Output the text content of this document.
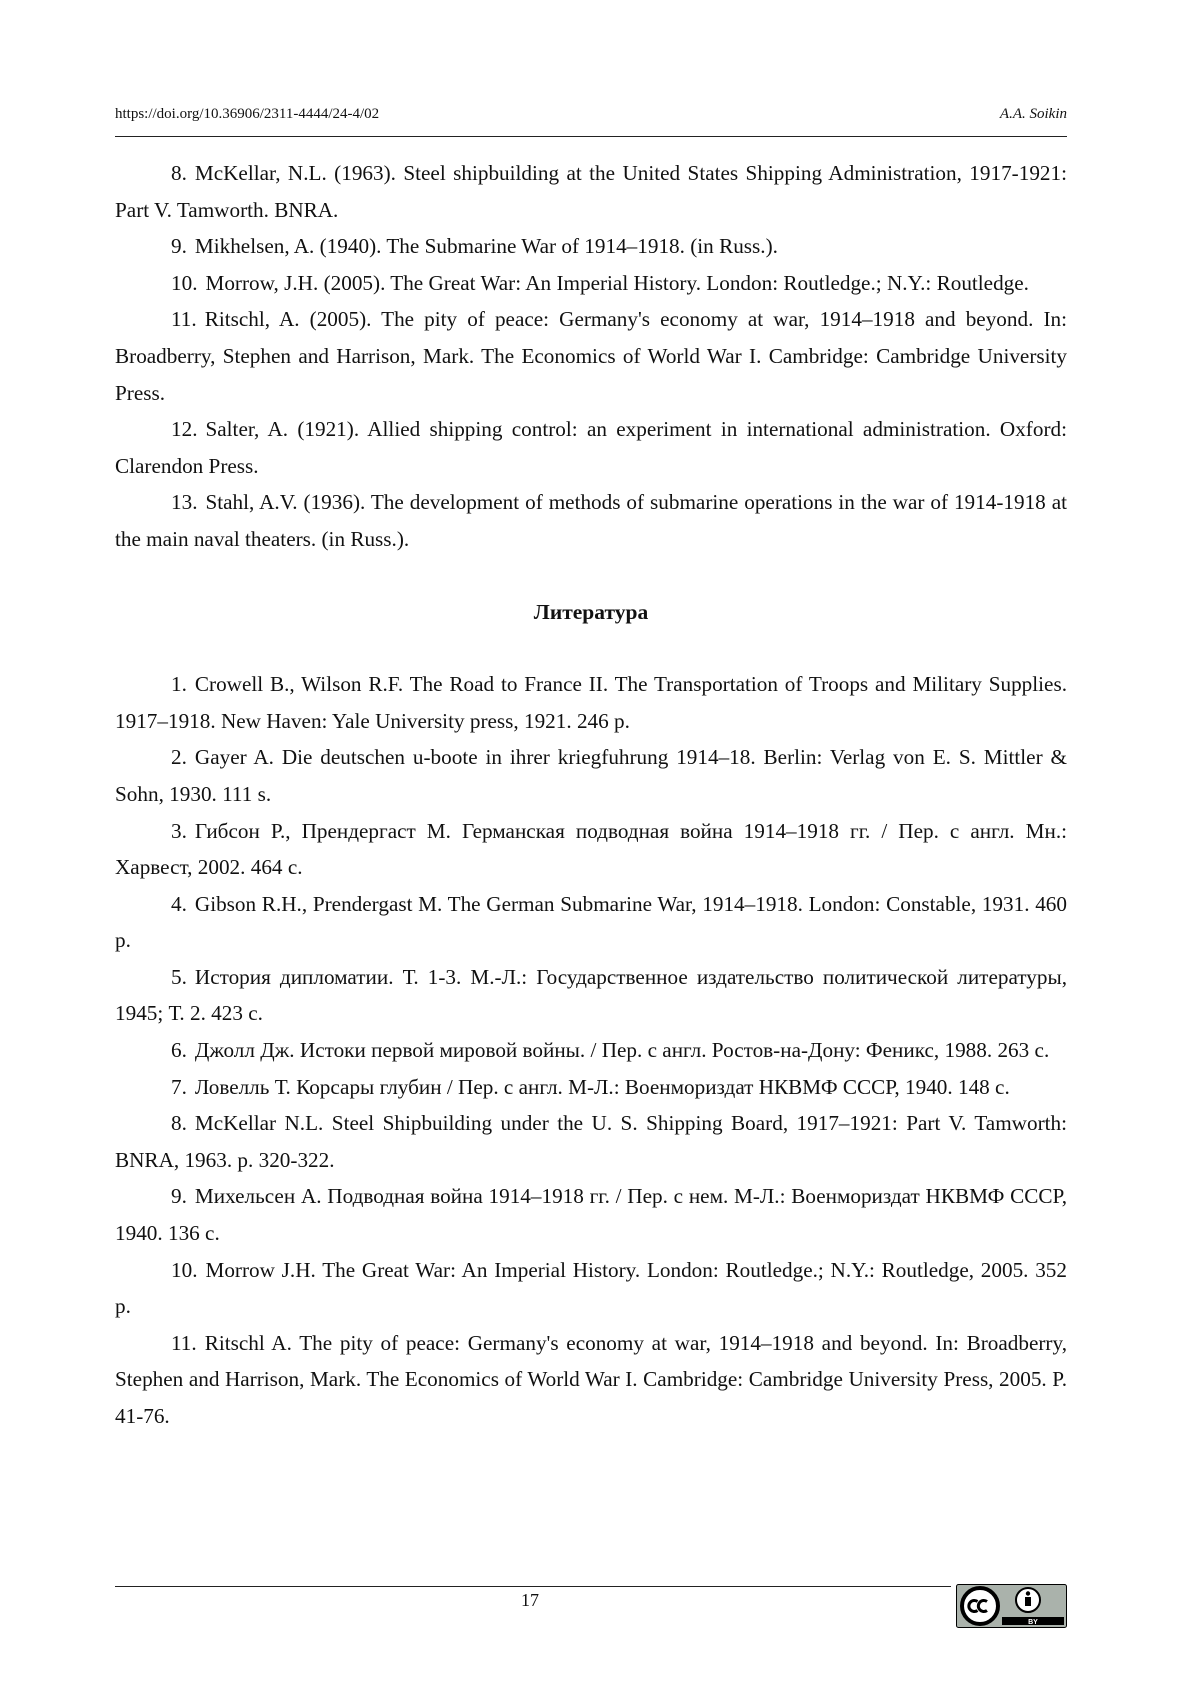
https://doi.org/10.36906/2311-4444/24-4/02	A.A. Soikin

8. McKellar, N.L. (1963). Steel shipbuilding at the United States Shipping Administration, 1917-1921: Part V. Tamworth. BNRA.

9. Mikhelsen, A. (1940). The Submarine War of 1914–1918. (in Russ.).

10. Morrow, J.H. (2005). The Great War: An Imperial History. London: Routledge.; N.Y.: Routledge.

11. Ritschl, A. (2005). The pity of peace: Germany's economy at war, 1914–1918 and beyond. In: Broadberry, Stephen and Harrison, Mark. The Economics of World War I. Cambridge: Cambridge University Press.

12. Salter, A. (1921). Allied shipping control: an experiment in international administration. Oxford: Clarendon Press.

13. Stahl, A.V. (1936). The development of methods of submarine operations in the war of 1914-1918 at the main naval theaters. (in Russ.).

Литература

1. Crowell B., Wilson R.F. The Road to France II. The Transportation of Troops and Military Supplies. 1917–1918. New Haven: Yale University press, 1921. 246 p.

2. Gayer A. Die deutschen u-boote in ihrer kriegfuhrung 1914–18. Berlin: Verlag von E. S. Mittler & Sohn, 1930. 111 s.

3. Гибсон Р., Прендергаст М. Германская подводная война 1914–1918 гг. / Пер. с англ. Мн.: Харвест, 2002. 464 с.

4. Gibson R.H., Prendergast M. The German Submarine War, 1914–1918. London: Constable, 1931. 460 p.

5. История дипломатии. Т. 1-3. М.-Л.: Государственное издательство политической литературы, 1945; Т. 2. 423 с.

6. Джолл Дж. Истоки первой мировой войны. / Пер. с англ. Ростов-на-Дону: Феникс, 1988. 263 с.

7. Ловелль Т. Корсары глубин / Пер. с англ. М-Л.: Военмориздат НКВМФ СССР, 1940. 148 с.

8. McKellar N.L. Steel Shipbuilding under the U. S. Shipping Board, 1917–1921: Part V. Tamworth: BNRA, 1963. p. 320-322.

9. Михельсен А. Подводная война 1914–1918 гг. / Пер. с нем. М-Л.: Военмориздат НКВМФ СССР, 1940. 136 с.

10. Morrow J.H. The Great War: An Imperial History. London: Routledge.; N.Y.: Routledge, 2005. 352 p.

11. Ritschl A. The pity of peace: Germany's economy at war, 1914–1918 and beyond. In: Broadberry, Stephen and Harrison, Mark. The Economics of World War I. Cambridge: Cambridge University Press, 2005. P. 41-76.

17
BY
